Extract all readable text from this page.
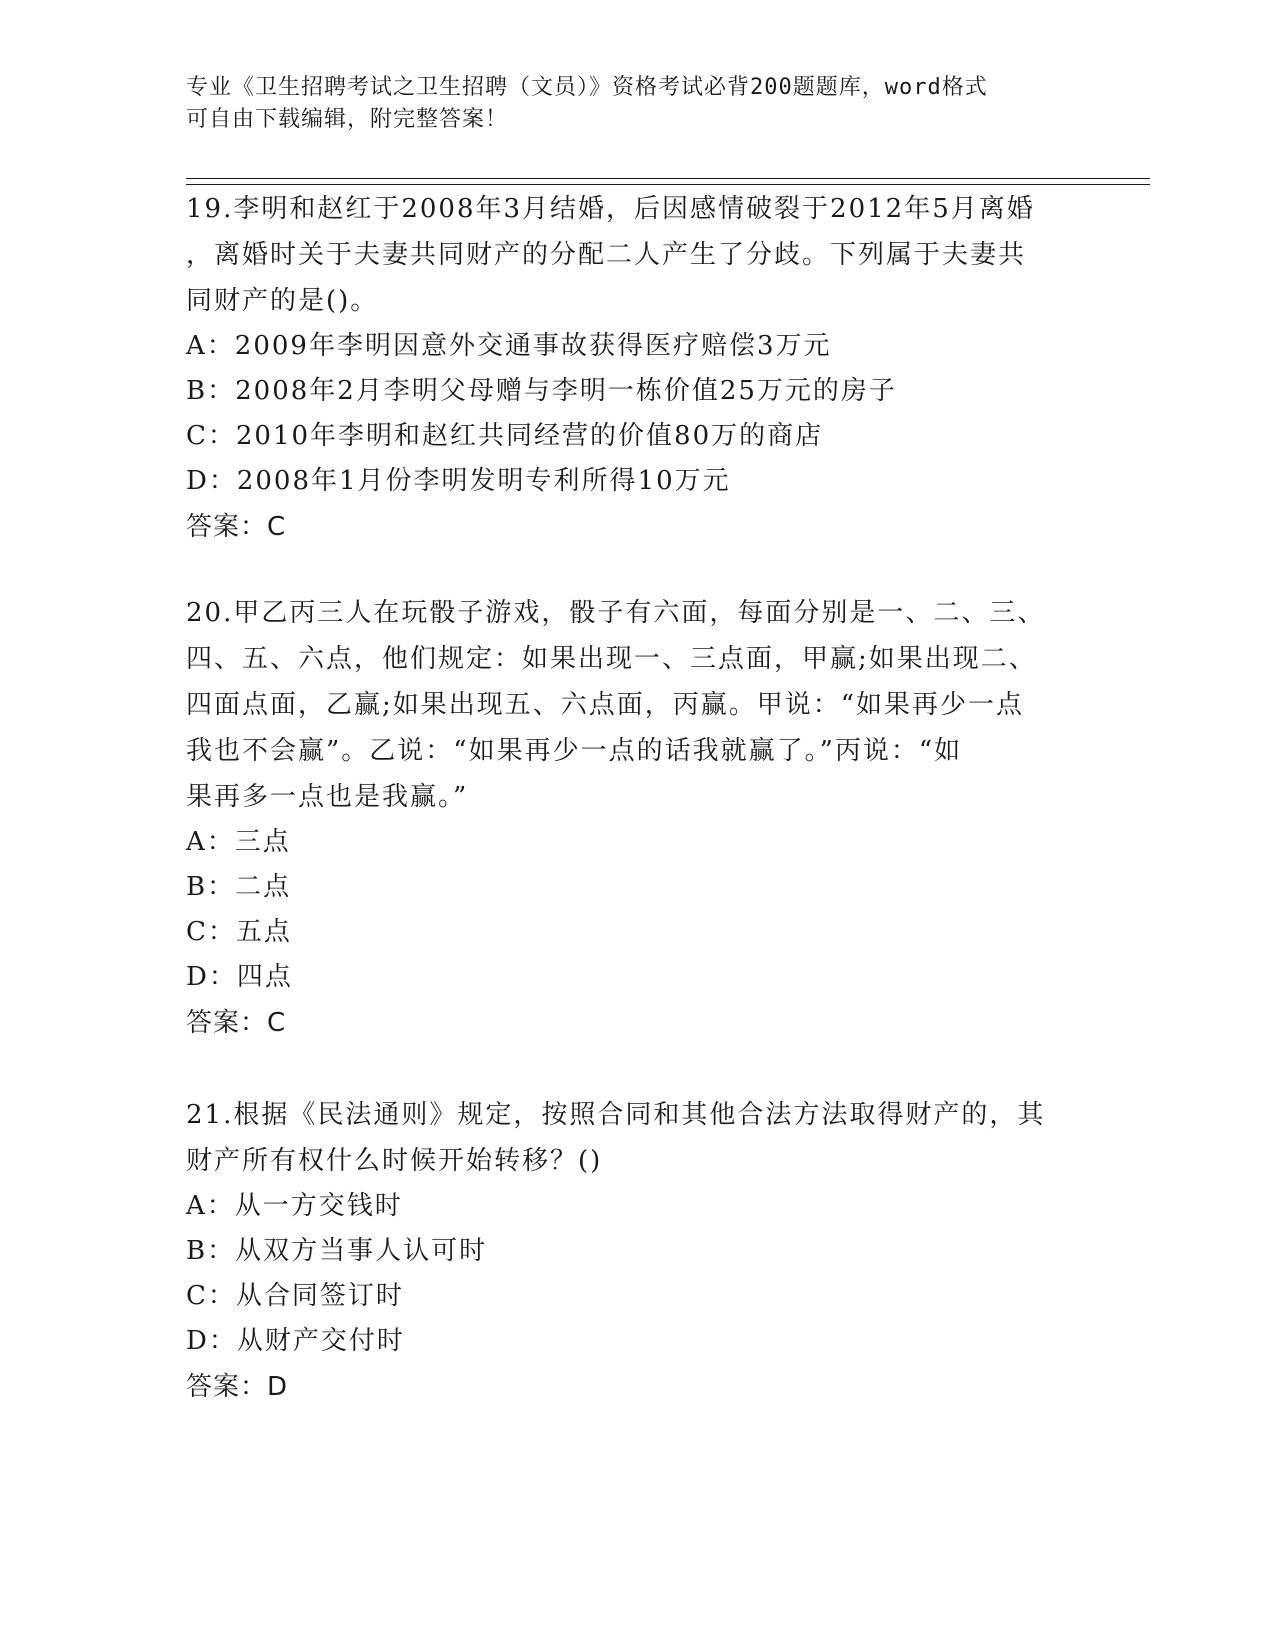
专业《卫生招聘考试之卫生招聘（文员）》资格考试必背200题题库，word格式
可自由下载编辑，附完整答案！
19.李明和赵红于2008年3月结婚，后因感情破裂于2012年5月离婚
，离婚时关于夫妻共同财产的分配二人产生了分歧。下列属于夫妻共
同财产的是()。
A：2009年李明因意外交通事故获得医疗赔偿3万元
B：2008年2月李明父母赠与李明一栋价值25万元的房子
C：2010年李明和赵红共同经营的价值80万的商店
D：2008年1月份李明发明专利所得10万元
答案：C
20.甲乙丙三人在玩骰子游戏，骰子有六面，每面分别是一、二、三、
四、五、六点，他们规定：如果出现一、三点面，甲赢;如果出现二、
四面点面，乙赢;如果出现五、六点面，丙赢。甲说：“如果再少一点
我也不会赢”。乙说：“如果再少一点的话我就赢了。”丙说：“如
果再多一点也是我赢。”
A：三点
B：二点
C：五点
D：四点
答案：C
21.根据《民法通则》规定，按照合同和其他合法方法取得财产的，其
财产所有权什么时候开始转移？()
A：从一方交钱时
B：从双方当事人认可时
C：从合同签订时
D：从财产交付时
答案：D
